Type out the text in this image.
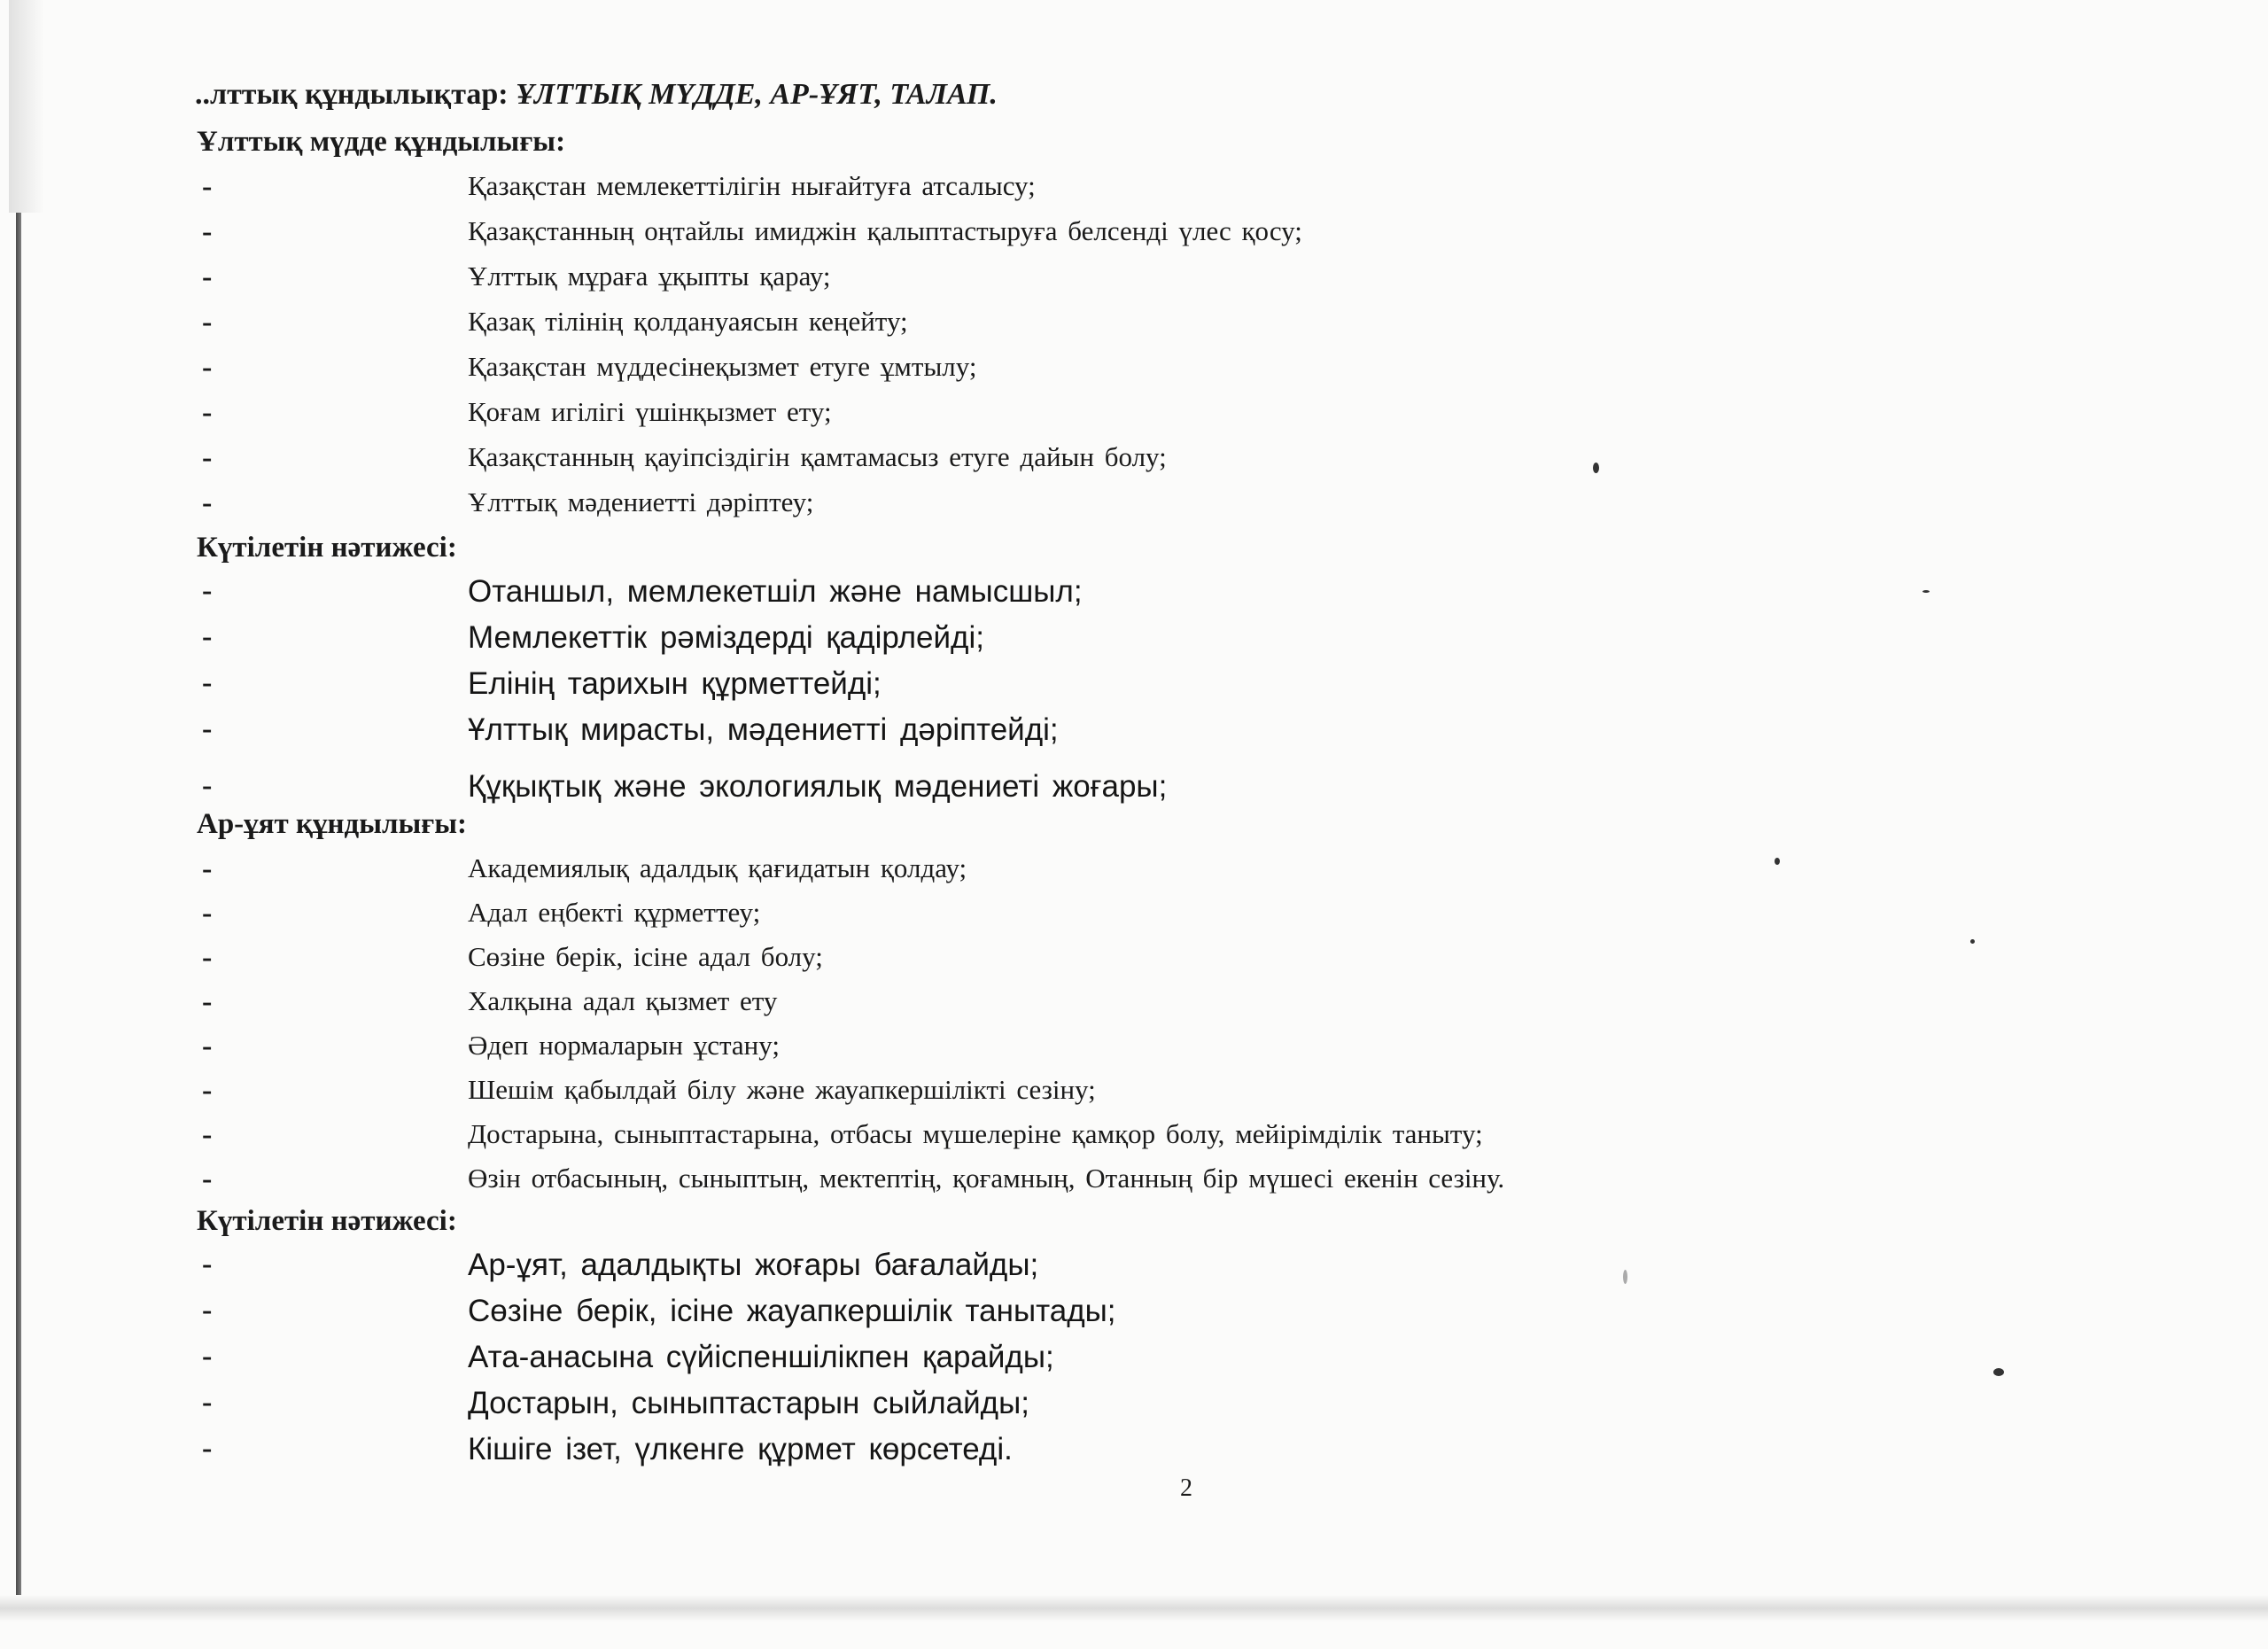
..лттық құндылықтар: ҰЛТТЫҚ МҮДДЕ, АР-ҰЯТ, ТАЛАП.
Ұлттық мүдде құндылығы:
-	Қазақстан мемлекеттілігін нығайтуға атсалысу;
-	Қазақстанның оңтайлы имиджін қалыптастыруға белсенді үлес қосу;
-	Ұлттық мұраға ұқыпты қарау;
-	Қазақ тілінің қолдануаясын кеңейту;
-	Қазақстан мүддесінеқызмет етуге ұмтылу;
-	Қоғам игілігі үшінқызмет ету;
-	Қазақстанның қауіпсіздігін қамтамасыз етуге дайын болу;
-	Ұлттық мәдениетті дәріптеу;
Күтілетін нәтижесі:
-	Отаншыл, мемлекетшіл және намысшыл;
-	Мемлекеттік рәміздерді қадірлейді;
-	Елінің тарихын құрметтейді;
-	Ұлттық мирасты, мәдениетті дәріптейді;
-	Құқықтық және экологиялық мәдениеті жоғары;
Ар-ұят құндылығы:
-	Академиялық адалдық қағидатын қолдау;
-	Адал еңбекті құрметтеу;
-	Сөзіне берік, ісіне адал болу;
-	Халқына адал қызмет ету
-	Әдеп нормаларын ұстану;
-	Шешім қабылдай білу және жауапкершілікті сезіну;
-	Достарына, сыныптастарына, отбасы мүшелеріне қамқор болу, мейірімділік таныту;
-	Өзін отбасының, сыныптың, мектептің, қоғамның, Отанның бір мүшесі екенін сезіну.
Күтілетін нәтижесі:
-	Ар-ұят, адалдықты жоғары бағалайды;
-	Сөзіне берік, ісіне жауапкершілік танытады;
-	Ата-анасына сүйіспеншілікпен қарайды;
-	Достарын, сыныптастарын сыйлайды;
-	Кішіге ізет, үлкенге құрмет көрсетеді.
2
